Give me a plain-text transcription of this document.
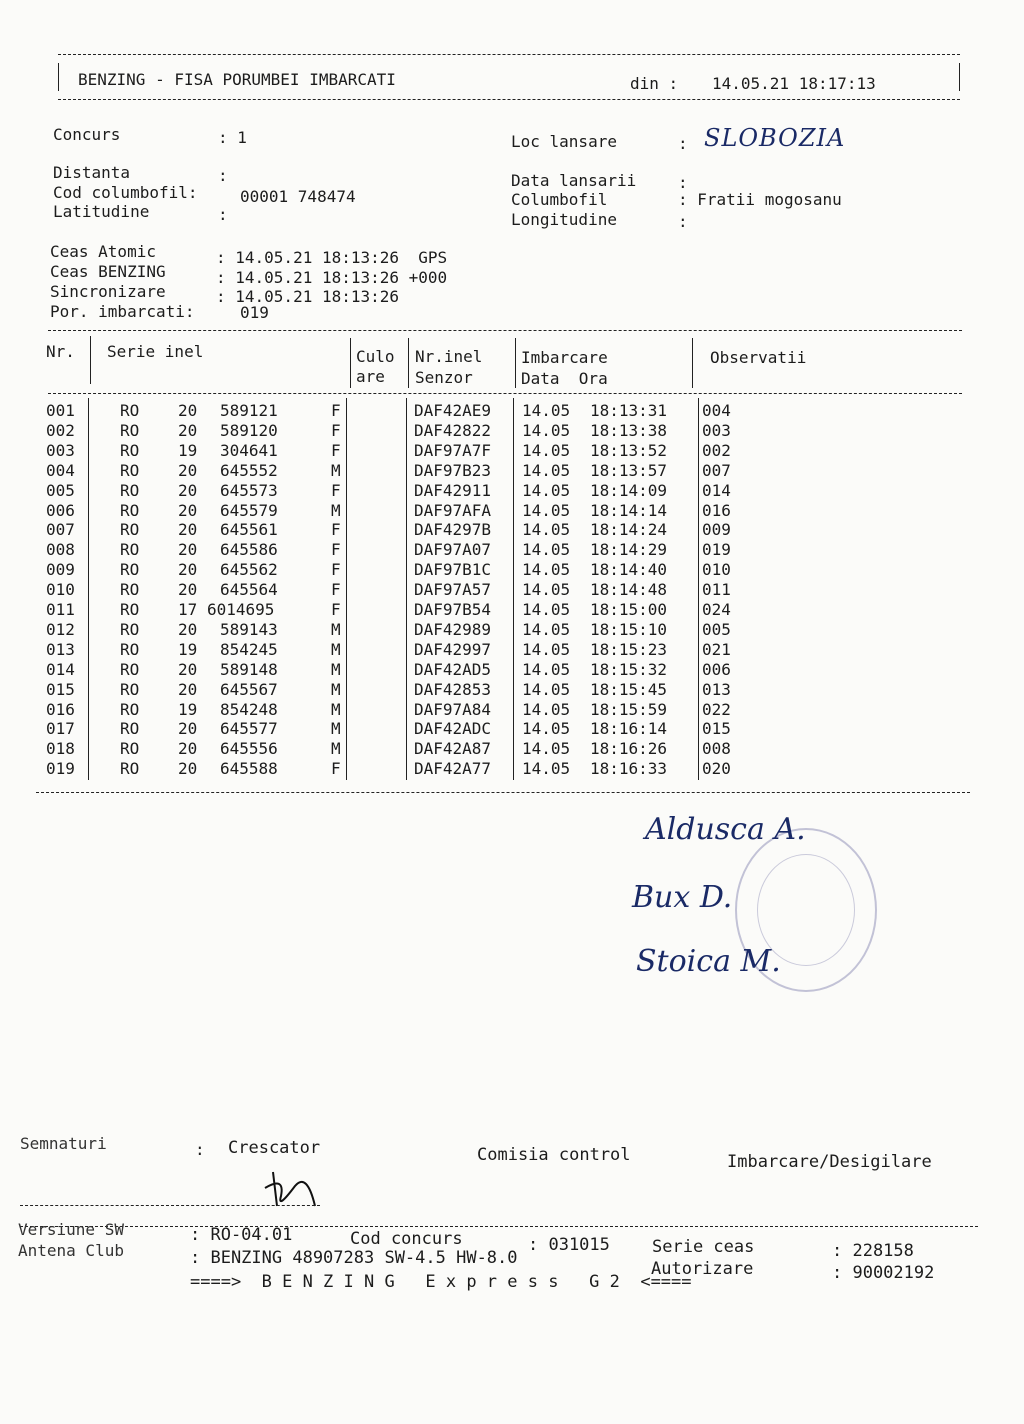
BENZING - FISA PORUMBEI IMBARCATI	din : 14.05.21 18:17:13
Concurs	: 1	Loc lansare	: SLOBOZIA
Distanta	:
Cod columbofil:	00001 748474
Latitudine	:
Data lansarii	:
Columbofil	: Fratii mogosanu
Longitudine	:
Ceas Atomic	: 14.05.21 18:13:26  GPS
Ceas BENZING	: 14.05.21 18:13:26 +000
Sincronizare	: 14.05.21 18:13:26
Por. imbarcati:	019
Nr. Serie inel	Culo
are
Nr.inel
Senzor
Imbarcare
Data  Ora
Observatii
001	RO 20 589121	F	DAF42AE9 14.05 18:13:31 004
002	RO 20 589120	F	DAF42822 14.05 18:13:38 003
003	RO 19 304641	F	DAF97A7F 14.05 18:13:52 002
004	RO 20 645552	M	DAF97B23 14.05 18:13:57 007
005	RO 20 645573	F	DAF42911 14.05 18:14:09 014
006	RO 20 645579	M	DAF97AFA 14.05 18:14:14 016
007	RO 20 645561	F	DAF4297B 14.05 18:14:24 009
008	RO 20 645586	F	DAF97A07 14.05 18:14:29 019
009	RO 20 645562	F	DAF97B1C 14.05 18:14:40 010
010	RO 20 645564	F	DAF97A57 14.05 18:14:48 011
011	RO 17 6014695	F	DAF97B54 14.05 18:15:00 024
012	RO 20 589143	M	DAF42989 14.05 18:15:10 005
013	RO 19 854245	M	DAF42997 14.05 18:15:23 021
014	RO 20 589148	M	DAF42AD5 14.05 18:15:32 006
015	RO 20 645567	M	DAF42853 14.05 18:15:45 013
016	RO 19 854248	M	DAF97A84 14.05 18:15:59 022
017	RO 20 645577	M	DAF42ADC 14.05 18:16:14 015
018	RO 20 645556	M	DAF42A87 14.05 18:16:26 008
019	RO 20 645588	F	DAF42A77 14.05 18:16:33 020
Aldusca A.
Bux D.
Stoica M.
Semnaturi	: Crescator	Comisia control	Imbarcare/Desigilare
Versiune SW
Antena Club
: RO-04.01	Cod concurs	: 031015 Serie ceas	: 228158
: BENZING 48907283 SW-4.5 HW-8.0
Autorizare	: 90002192
====>  B E N Z I N G   E x p r e s s   G 2  <====
